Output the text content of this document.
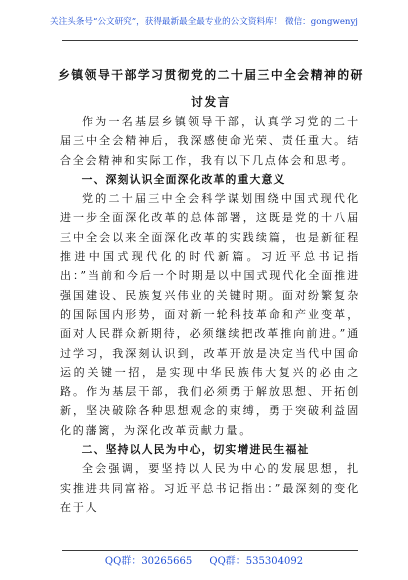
关注头条号“公文研究”，获得最新最全最专业的公文资料库！ 微信：gongwenyj
乡镇领导干部学习贯彻党的二十届三中全会精神的研讨发言

作为一名基层乡镇领导干部，认真学习党的二十届三中全会精神后，我深感使命光荣、责任重大。结合全会精神和实际工作，我有以下几点体会和思考。

一、深刻认识全面深化改革的重大意义

党的二十届三中全会科学谋划围绕中国式现代化进一步全面深化改革的总体部署，这既是党的十八届三中全会以来全面深化改革的实践续篇，也是新征程推进中国式现代化的时代新篇。习近平总书记指出：”当前和今后一个时期是以中国式现代化全面推进强国建设、民族复兴伟业的关键时期。面对纷繁复杂的国际国内形势，面对新一轮科技革命和产业变革，面对人民群众新期待，必须继续把改革推向前进。”通过学习，我深刻认识到，改革开放是决定当代中国命运的关键一招，是实现中华民族伟大复兴的必由之路。作为基层干部，我们必须勇于解放思想、开拓创新，坚决破除各种思想观念的束缚，勇于突破利益固化的藩篱，为深化改革贡献力量。

二、坚持以人民为中心，切实增进民生福祉

全会强调，要坚持以人民为中心的发展思想，扎实推进共同富裕。习近平总书记指出：”最深刻的变化在于人

QQ群：30265665 QQ群：535304092
